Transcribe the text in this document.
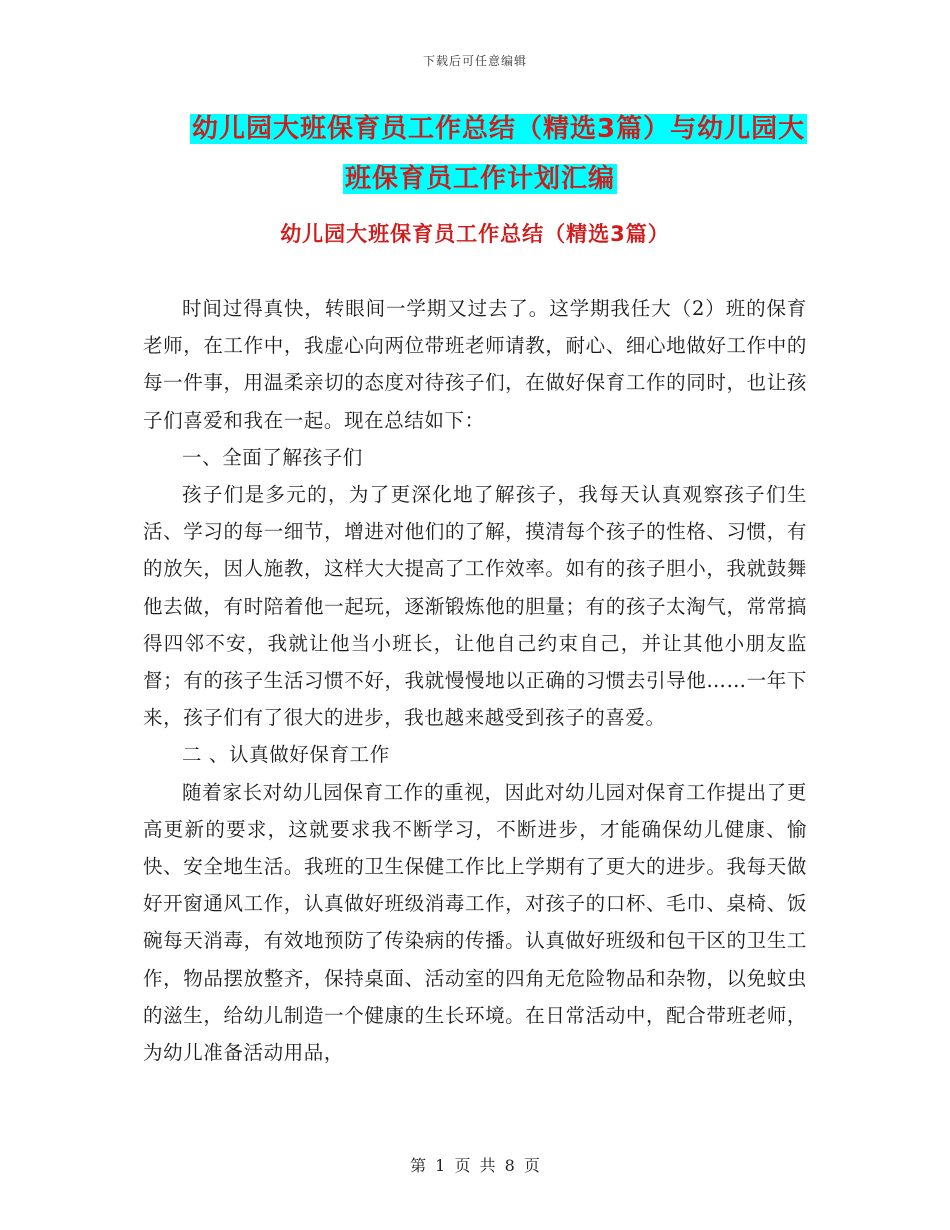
下载后可任意编辑
幼儿园大班保育员工作总结（精选3篇）与幼儿园大
班保育员工作计划汇编
幼儿园大班保育员工作总结（精选3篇）

时间过得真快，转眼间一学期又过去了。这学期我任大（2）班的保育老师，在工作中，我虚心向两位带班老师请教，耐心、细心地做好工作中的每一件事，用温柔亲切的态度对待孩子们，在做好保育工作的同时，也让孩子们喜爱和我在一起。现在总结如下：

一、全面了解孩子们

孩子们是多元的，为了更深化地了解孩子，我每天认真观察孩子们生活、学习的每一细节，增进对他们的了解，摸清每个孩子的性格、习惯，有的放矢，因人施教，这样大大提高了工作效率。如有的孩子胆小，我就鼓舞他去做，有时陪着他一起玩，逐渐锻炼他的胆量；有的孩子太淘气，常常搞得四邻不安，我就让他当小班长，让他自己约束自己，并让其他小朋友监督；有的孩子生活习惯不好，我就慢慢地以正确的习惯去引导他……一年下来，孩子们有了很大的进步，我也越来越受到孩子的喜爱。

二 、认真做好保育工作

随着家长对幼儿园保育工作的重视，因此对幼儿园对保育工作提出了更高更新的要求，这就要求我不断学习，不断进步，才能确保幼儿健康、愉快、安全地生活。我班的卫生保健工作比上学期有了更大的进步。我每天做好开窗通风工作，认真做好班级消毒工作，对孩子的口杯、毛巾、桌椅、饭碗每天消毒，有效地预防了传染病的传播。认真做好班级和包干区的卫生工作，物品摆放整齐，保持桌面、活动室的四角无危险物品和杂物，以免蚊虫的滋生，给幼儿制造一个健康的生长环境。在日常活动中，配合带班老师，为幼儿准备活动用品，

第 1 页 共 8 页
